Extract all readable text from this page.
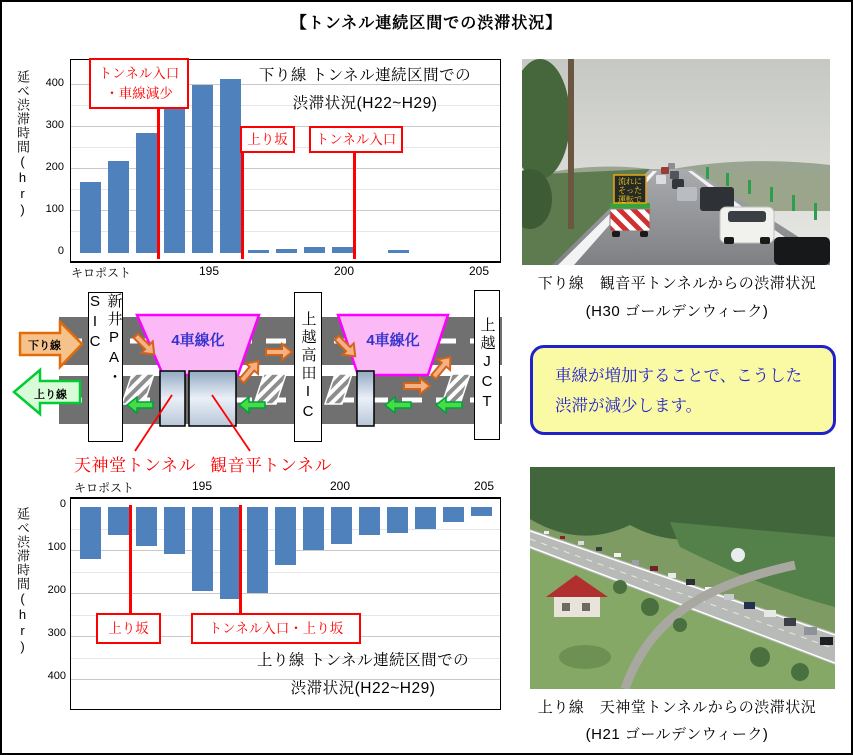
【トンネル連続区間での渋滞状況】
延べ渋滞時間(hr)	400
300
200
100
0
下り線 トンネル連続区間での
渋滞状況(H22~H29)
トンネル入口
・車線減少
上り坂 トンネル入口
キロポスト	195	200	205
下り線
上り線
新井PA・SIC	上越高田IC	上越JCT
4車線化	4車線化
天神堂トンネル 観音平トンネル
キロポスト	195	200	205
延べ渋滞時間(hr)
0
100
200
300
400
上り坂	トンネル入口・上り坂
上り線 トンネル連続区間での
渋滞状況(H22~H29)
流れに
そった
運転で
下り線　観音平トンネルからの渋滞状況
(H30 ゴールデンウィーク)
車線が増加することで、こうした
渋滞が減少します。
上り線　天神堂トンネルからの渋滞状況
(H21 ゴールデンウィーク)
